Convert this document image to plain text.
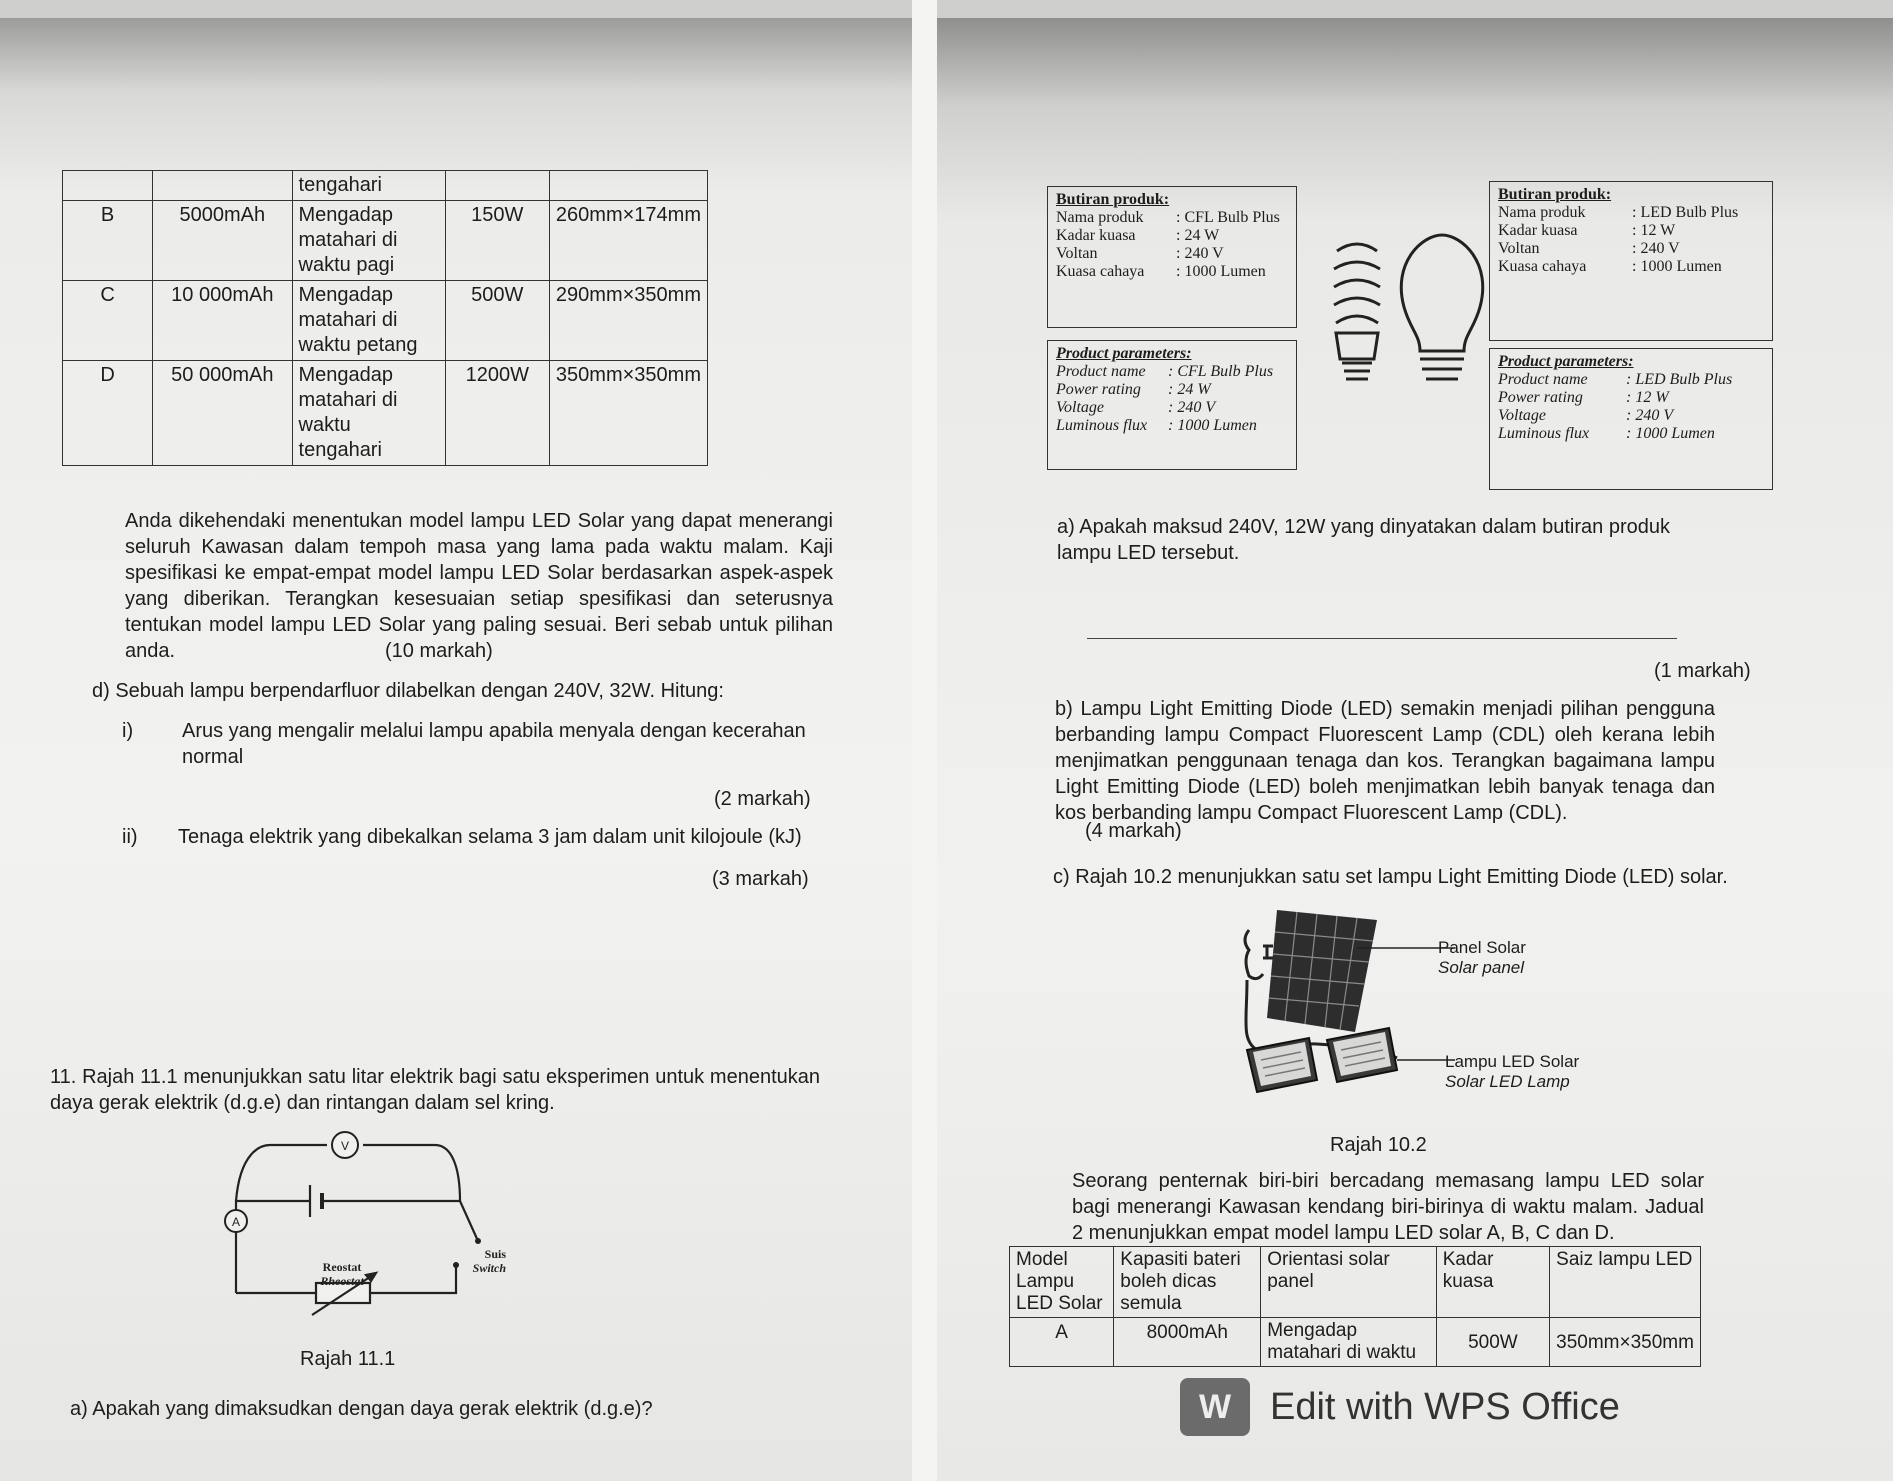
		tengahari		
B	5000mAh	Mengadap matahari di waktu pagi	150W	260mm×174mm
C	10 000mAh	Mengadap matahari di waktu petang	500W	290mm×350mm
D	50 000mAh	Mengadap matahari di waktu tengahari	1200W	350mm×350mm
Anda dikehendaki menentukan model lampu LED Solar yang dapat menerangi seluruh Kawasan dalam tempoh masa yang lama pada waktu malam. Kaji spesifikasi ke empat-empat model lampu LED Solar berdasarkan aspek-aspek yang diberikan. Terangkan kesesuaian setiap spesifikasi dan seterusnya tentukan model lampu LED Solar yang paling sesuai. Beri sebab untuk pilihan anda.	(10 markah)
d) Sebuah lampu berpendarfluor dilabelkan dengan 240V, 32W. Hitung:
i) Arus yang mengalir melalui lampu apabila menyala dengan kecerahan normal
(2 markah)
ii) Tenaga elektrik yang dibekalkan selama 3 jam dalam unit kilojoule (kJ)
(3 markah)
11. Rajah 11.1 menunjukkan satu litar elektrik bagi satu eksperimen untuk menentukan daya gerak elektrik (d.g.e) dan rintangan dalam sel kring.
A
V
Reostat
Rheostat
Suis
Switch
Rajah 11.1
a) Apakah yang dimaksudkan dengan daya gerak elektrik (d.g.e)?
Butiran produk:
Nama produk : CFL Bulb Plus
Kadar kuasa	: 24 W
Voltan	: 240 V
Kuasa cahaya : 1000 Lumen
Product parameters:
Product name : CFL Bulb Plus
Power rating : 24 W
Voltage	: 240 V
Luminous flux : 1000 Lumen
Butiran produk:
Nama produk	: LED Bulb Plus
Kadar kuasa	: 12 W
Voltan	: 240 V
Kuasa cahaya	: 1000 Lumen
Product parameters:
Product name : LED Bulb Plus
Power rating	: 12 W
Voltage	: 240 V
Luminous flux : 1000 Lumen
a) Apakah maksud 240V, 12W yang dinyatakan dalam butiran produk lampu LED tersebut.
(1 markah)
b) Lampu Light Emitting Diode (LED) semakin menjadi pilihan pengguna berbanding lampu Compact Fluorescent Lamp (CDL) oleh kerana lebih menjimatkan penggunaan tenaga dan kos. Terangkan bagaimana lampu Light Emitting Diode (LED) boleh menjimatkan lebih banyak tenaga dan kos berbanding lampu Compact Fluorescent Lamp (CDL).
(4 markah)
c) Rajah 10.2 menunjukkan satu set lampu Light Emitting Diode (LED) solar.
Panel Solar
Solar panel
Lampu LED Solar
Solar LED Lamp
Rajah 10.2
Seorang penternak biri-biri bercadang memasang lampu LED solar bagi menerangi Kawasan kendang biri-birinya di waktu malam. Jadual 2 menunjukkan empat model lampu LED solar A, B, C dan D.
Model Lampu LED Solar	Kapasiti bateri boleh dicas semula	Orientasi solar panel	Kadar kuasa	Saiz lampu LED
A	8000mAh	Mengadap matahari di waktu	500W	350mm×350mm
W	Edit with WPS Office
